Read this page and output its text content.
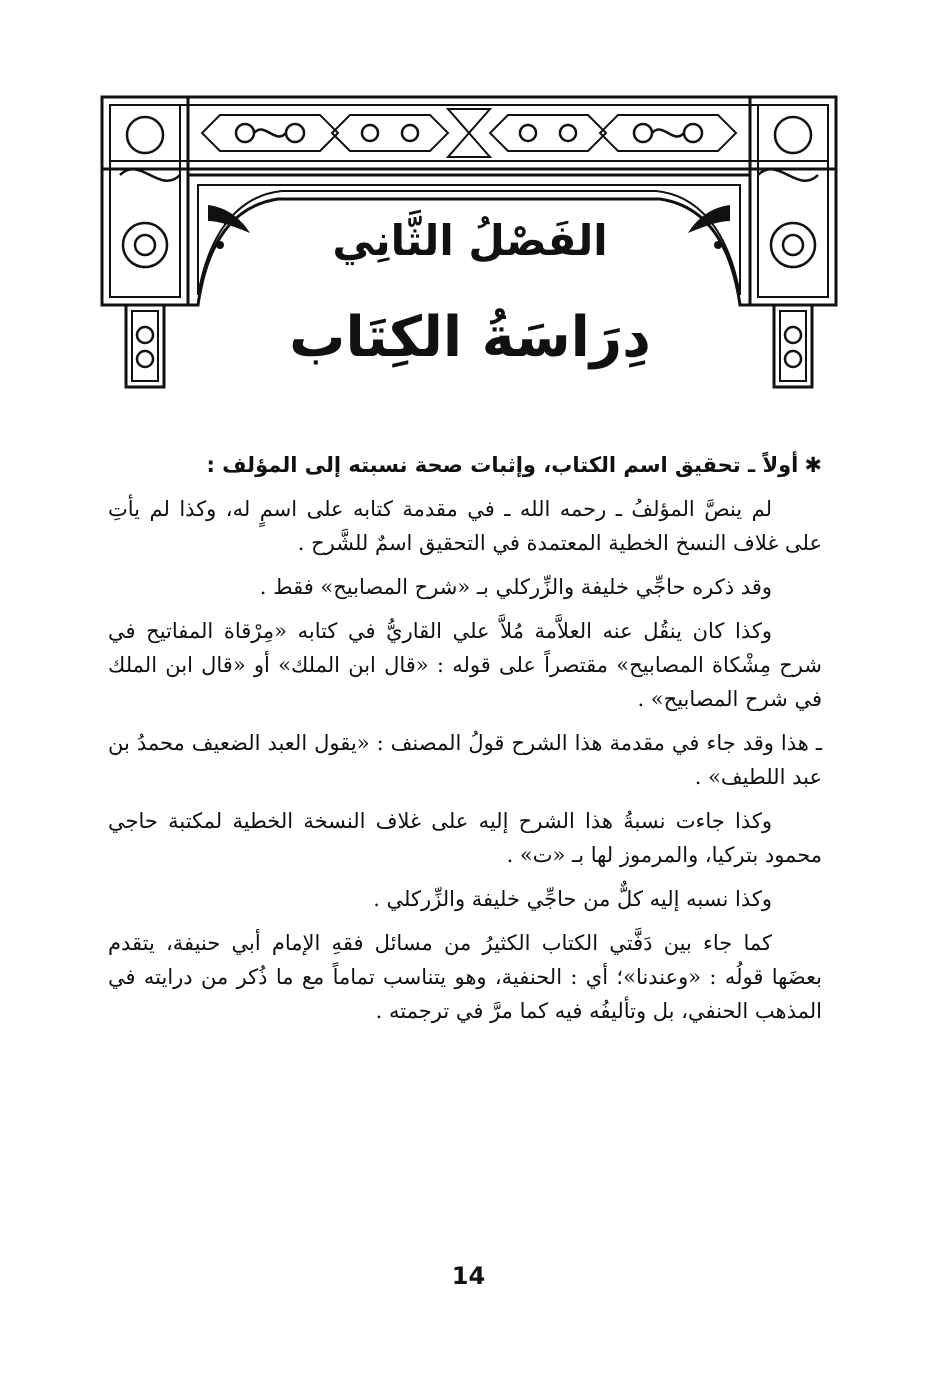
الفَصْلُ الثَّانِي
دِرَاسَةُ الكِتَاب

✱أولاً ـ تحقيق اسم الكتاب، وإثبات صحة نسبته إلى المؤلف :

لم ينصَّ المؤلفُ ـ رحمه الله ـ في مقدمة كتابه على اسمٍ له، وكذا لم يأتِ على غلاف النسخ الخطية المعتمدة في التحقيق اسمٌ للشَّرح .

وقد ذكره حاجِّي خليفة والزِّركلي بـ «شرح المصابيح» فقط .

وكذا كان ينقُل عنه العلاَّمة مُلاَّ علي القاريُّ في كتابه «مِرْقاة المفاتيح في شرح مِشْكاة المصابيح» مقتصراً على قوله : «قال ابن الملك» أو «قال ابن الملك في شرح المصابيح» .

ـ هذا وقد جاء في مقدمة هذا الشرح قولُ المصنف : «يقول العبد الضعيف محمدُ بن عبد اللطيف» .

وكذا جاءت نسبةُ هذا الشرح إليه على غلاف النسخة الخطية لمكتبة حاجي محمود بتركيا، والمرموز لها بـ «ت» .

وكذا نسبه إليه كلٌّ من حاجِّي خليفة والزِّركلي .

كما جاء بين دَفَّتي الكتاب الكثيرُ من مسائل فقهِ الإمام أبي حنيفة، يتقدم بعضَها قولُه : «وعندنا»؛ أي : الحنفية، وهو يتناسب تماماً مع ما ذُكر من درايته في المذهب الحنفي، بل وتأليفُه فيه كما مرَّ في ترجمته .

14
